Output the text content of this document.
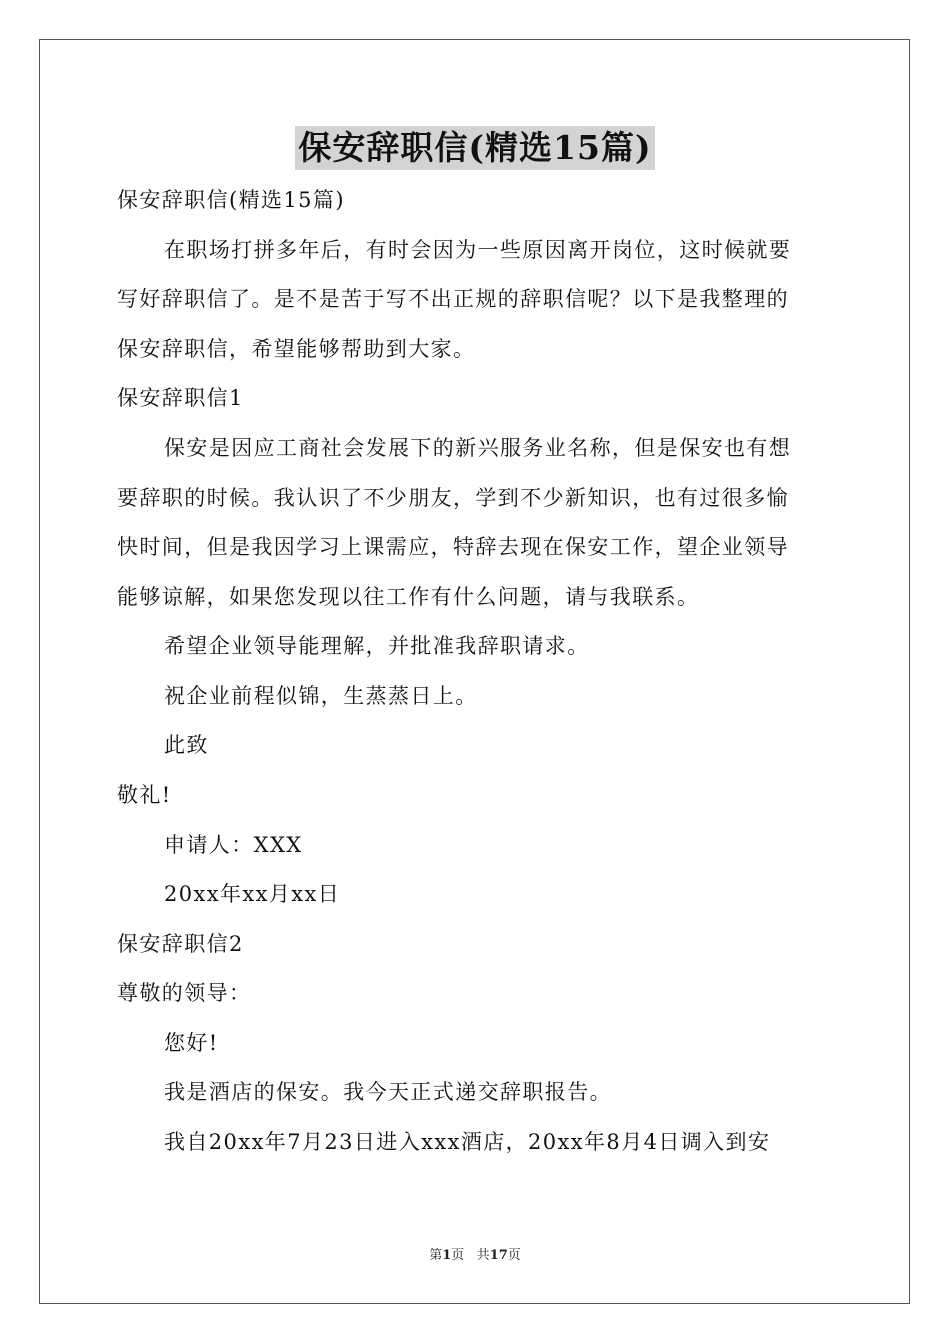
保安辞职信(精选15篇)
保安辞职信(精选15篇)
在职场打拼多年后，有时会因为一些原因离开岗位，这时候就要
写好辞职信了。是不是苦于写不出正规的辞职信呢？以下是我整理的
保安辞职信，希望能够帮助到大家。
保安辞职信1
保安是因应工商社会发展下的新兴服务业名称，但是保安也有想
要辞职的时候。我认识了不少朋友，学到不少新知识，也有过很多愉
快时间，但是我因学习上课需应，特辞去现在保安工作，望企业领导
能够谅解，如果您发现以往工作有什么问题，请与我联系。
希望企业领导能理解，并批准我辞职请求。
祝企业前程似锦，生蒸蒸日上。
此致
敬礼!
申请人：XXX
20xx年xx月xx日
保安辞职信2
尊敬的领导：
您好!
我是酒店的保安。我今天正式递交辞职报告。
我自20xx年7月23日进入xxx酒店，20xx年8月4日调入到安
第1页 共17页
